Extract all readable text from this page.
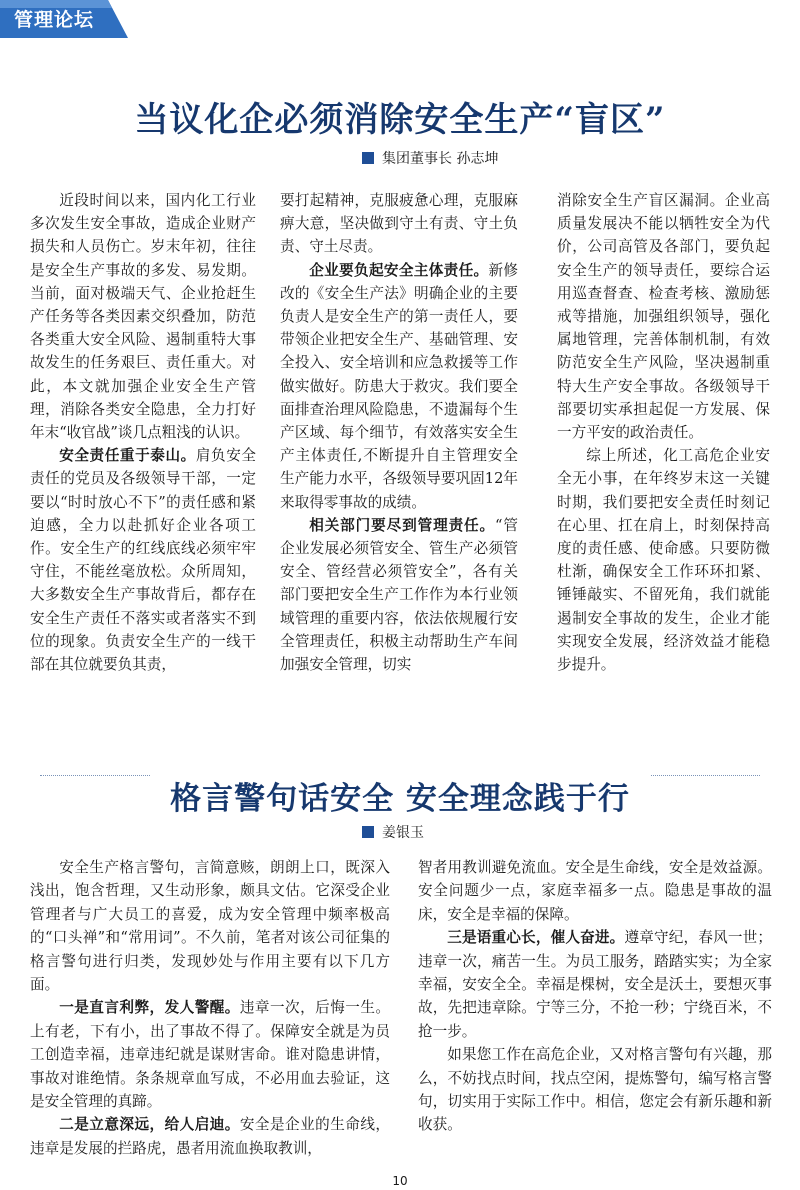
管理论坛
当议化企必须消除安全生产“盲区”
集团董事长 孙志坤

近段时间以来，国内化工行业多次发生安全事故，造成企业财产损失和人员伤亡。岁末年初，往往是安全生产事故的多发、易发期。当前，面对极端天气、企业抢赶生产任务等各类因素交织叠加，防范各类重大安全风险、遏制重特大事故发生的任务艰巨、责任重大。对此，本文就加强企业安全生产管理，消除各类安全隐患，全力打好年末“收官战”谈几点粗浅的认识。

安全责任重于泰山。肩负安全责任的党员及各级领导干部，一定要以“时时放心不下”的责任感和紧迫感，全力以赴抓好企业各项工作。安全生产的红线底线必须牢牢守住，不能丝毫放松。众所周知，大多数安全生产事故背后，都存在安全生产责任不落实或者落实不到位的现象。负责安全生产的一线干部在其位就要负其责，

要打起精神，克服疲惫心理，克服麻痹大意，坚决做到守土有责、守土负责、守土尽责。

企业要负起安全主体责任。新修改的《安全生产法》明确企业的主要负责人是安全生产的第一责任人，要带领企业把安全生产、基础管理、安全投入、安全培训和应急救援等工作做实做好。防患大于救灾。我们要全面排查治理风险隐患，不遗漏每个生产区域、每个细节，有效落实安全生产主体责任,不断提升自主管理安全生产能力水平，各级领导要巩固12年来取得零事故的成绩。

相关部门要尽到管理责任。“管企业发展必须管安全、管生产必须管安全、管经营必须管安全”，各有关部门要把安全生产工作作为本行业领域管理的重要内容，依法依规履行安全管理责任，积极主动帮助生产车间加强安全管理，切实

消除安全生产盲区漏洞。企业高质量发展决不能以牺牲安全为代价，公司高管及各部门，要负起安全生产的领导责任，要综合运用巡查督查、检查考核、激励惩戒等措施，加强组织领导，强化属地管理，完善体制机制，有效防范安全生产风险，坚决遏制重特大生产安全事故。各级领导干部要切实承担起促一方发展、保一方平安的政治责任。

综上所述，化工高危企业安全无小事，在年终岁末这一关键时期，我们要把安全责任时刻记在心里、扛在肩上，时刻保持高度的责任感、使命感。只要防微杜渐，确保安全工作环环扣紧、锤锤敲实、不留死角，我们就能遏制安全事故的发生，企业才能实现安全发展，经济效益才能稳步提升。

格言警句话安全 安全理念践于行
姜银玉

安全生产格言警句，言简意赅，朗朗上口，既深入浅出，饱含哲理，又生动形象，颇具文估。它深受企业管理者与广大员工的喜爱，成为安全管理中频率极高的“口头禅”和“常用词”。不久前，笔者对该公司征集的格言警句进行归类，发现妙处与作用主要有以下几方面。

一是直言利弊，发人警醒。违章一次，后悔一生。上有老，下有小，出了事故不得了。保障安全就是为员工创造幸福，违章违纪就是谋财害命。谁对隐患讲情，事故对谁绝情。条条规章血写成，不必用血去验证，这是安全管理的真蹄。

二是立意深远，给人启迪。安全是企业的生命线，违章是发展的拦路虎，愚者用流血换取教训，

智者用教训避免流血。安全是生命线，安全是效益源。安全问题少一点，家庭幸福多一点。隐患是事故的温床，安全是幸福的保障。

三是语重心长，催人奋进。遵章守纪，春风一世；违章一次，痛苦一生。为员工服务，踏踏实实；为全家幸福，安安全全。幸福是棵树，安全是沃土，要想灭事故，先把违章除。宁等三分，不抢一秒；宁绕百米，不抢一步。

如果您工作在高危企业，又对格言警句有兴趣，那么，不妨找点时间，找点空闲，提炼警句，编写格言警句，切实用于实际工作中。相信，您定会有新乐趣和新收获。

10
